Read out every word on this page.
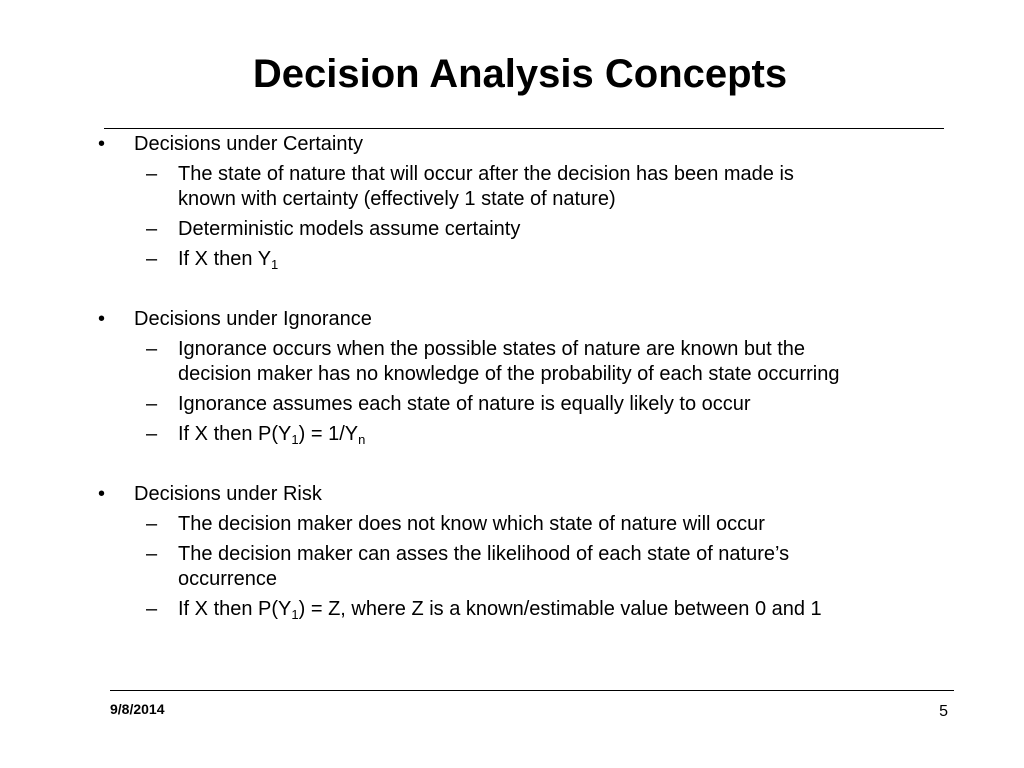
Decision Analysis Concepts
• Decisions under Certainty
– The state of nature that will occur after the decision has been made is
known with certainty (effectively 1 state of nature)
– Deterministic models assume certainty
– If X then $Y_1$
• Decisions under Ignorance
– Ignorance occurs when the possible states of nature are known but the
decision maker has no knowledge of the probability of each state occurring
– Ignorance assumes each state of nature is equally likely to occur
– If X then $P(Y_1) = 1/Y_n$
• Decisions under Risk
– The decision maker does not know which state of nature will occur
– The decision maker can asses the likelihood of each state of nature’s
occurrence
– If X then $P(Y_1) = Z$, where Z is a known/estimable value between 0 and 1
9/8/2014	5
